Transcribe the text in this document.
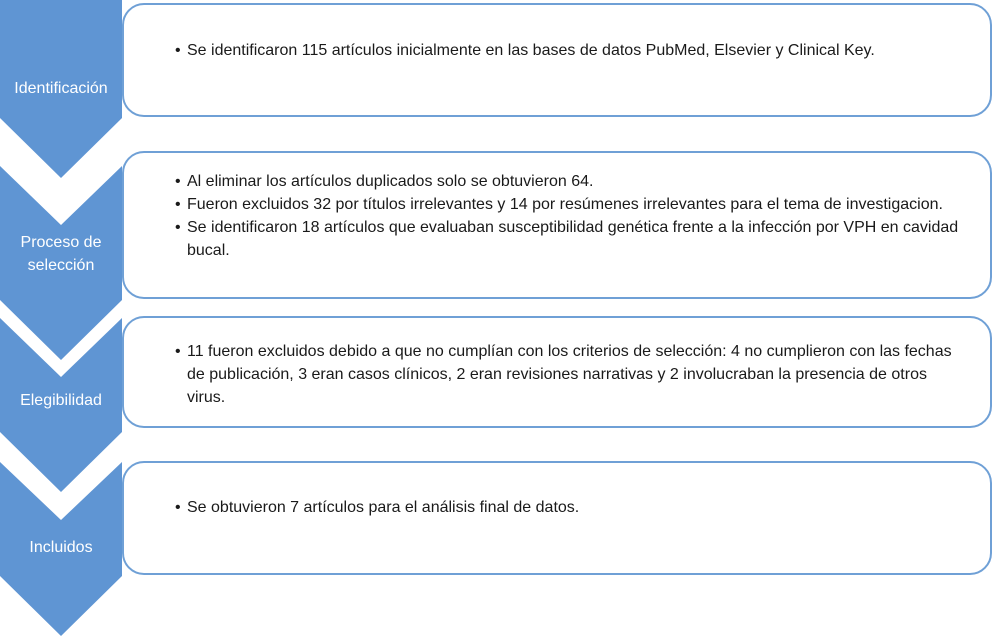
Identificación
Proceso de
selección
Elegibilidad
Incluidos
• Se identificaron 115 artículos inicialmente en las bases de datos PubMed, Elsevier y Clinical Key.
• Al eliminar los artículos duplicados solo se obtuvieron 64.
• Fueron excluidos 32 por títulos irrelevantes y 14 por resúmenes irrelevantes para el tema de investigacion.
• Se identificaron 18 artículos que evaluaban susceptibilidad genética frente a la infección por VPH en cavidad bucal.
• 11 fueron excluidos debido a que no cumplían con los criterios de selección: 4 no cumplieron con las fechas de publicación, 3 eran casos clínicos, 2 eran revisiones narrativas y 2 involucraban la presencia de otros virus.
• Se obtuvieron 7 artículos para el análisis final de datos.
